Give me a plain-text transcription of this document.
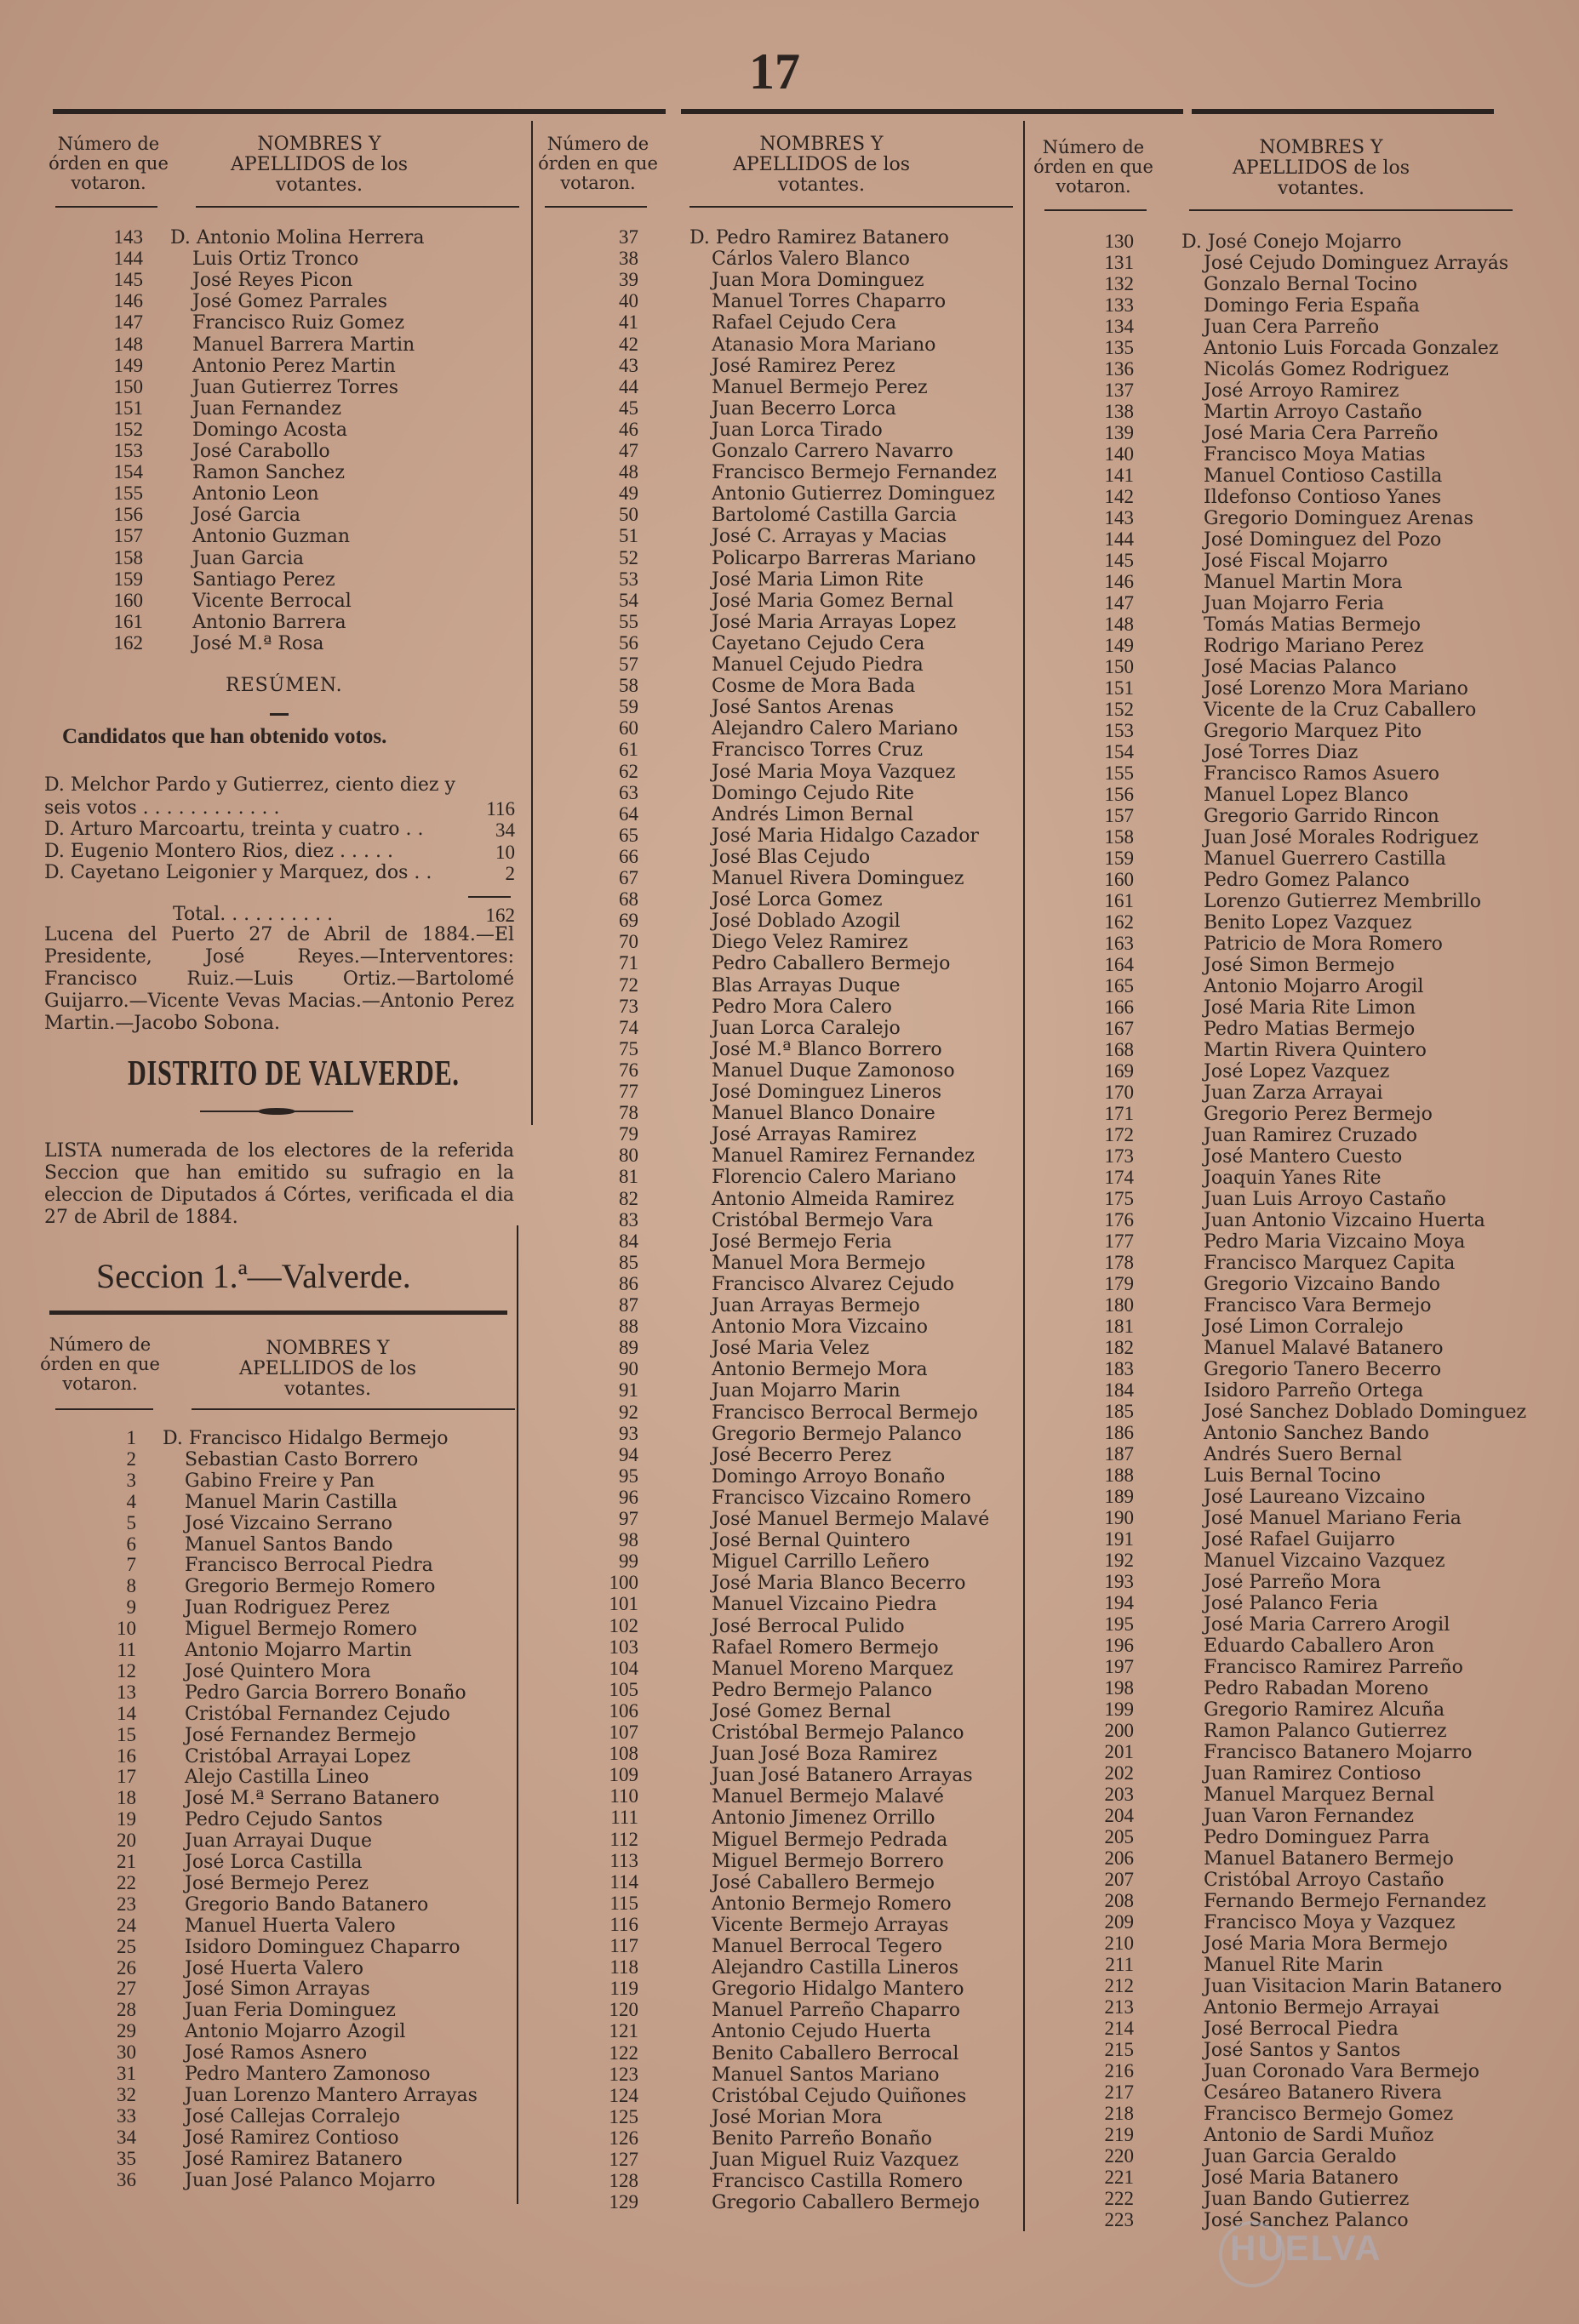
17
Número de órden en que votaron.
NOMBRES Y APELLIDOS de los votantes.
Número de órden en que votaron.
NOMBRES Y APELLIDOS de los votantes.
Número de órden en que votaron.
NOMBRES Y APELLIDOS de los votantes.
143 D. Antonio Molina Herrera
144	Luis Ortiz Tronco
145	José Reyes Picon
146	José Gomez Parrales
147	Francisco Ruiz Gomez
148	Manuel Barrera Martin
149	Antonio Perez Martin
150	Juan Gutierrez Torres
151	Juan Fernandez
152	Domingo Acosta
153	José Carabollo
154	Ramon Sanchez
155	Antonio Leon
156	José Garcia
157	Antonio Guzman
158	Juan Garcia
159	Santiago Perez
160	Vicente Berrocal
161	Antonio Barrera
162	José M.ª Rosa
1 D. Francisco Hidalgo Bermejo
2	Sebastian Casto Borrero
3	Gabino Freire y Pan
4	Manuel Marin Castilla
5	José Vizcaino Serrano
6	Manuel Santos Bando
7	Francisco Berrocal Piedra
8	Gregorio Bermejo Romero
9	Juan Rodriguez Perez
10	Miguel Bermejo Romero
11	Antonio Mojarro Martin
12	José Quintero Mora
13	Pedro Garcia Borrero Bonaño
14	Cristóbal Fernandez Cejudo
15	José Fernandez Bermejo
16	Cristóbal Arrayai Lopez
17	Alejo Castilla Lineo
18	José M.ª Serrano Batanero
19	Pedro Cejudo Santos
20	Juan Arrayai Duque
21	José Lorca Castilla
22	José Bermejo Perez
23	Gregorio Bando Batanero
24	Manuel Huerta Valero
25	Isidoro Dominguez Chaparro
26	José Huerta Valero
27	José Simon Arrayas
28	Juan Feria Dominguez
29	Antonio Mojarro Azogil
30	José Ramos Asnero
31	Pedro Mantero Zamonoso
32	Juan Lorenzo Mantero Arrayas
33	José Callejas Corralejo
34	José Ramirez Contioso
35	José Ramirez Batanero
36	Juan José Palanco Mojarro
37	D. Pedro Ramirez Batanero
38	Cárlos Valero Blanco
39	Juan Mora Dominguez
40	Manuel Torres Chaparro
41	Rafael Cejudo Cera
42	Atanasio Mora Mariano
43	José Ramirez Perez
44	Manuel Bermejo Perez
45	Juan Becerro Lorca
46	Juan Lorca Tirado
47	Gonzalo Carrero Navarro
48	Francisco Bermejo Fernandez
49	Antonio Gutierrez Dominguez
50	Bartolomé Castilla Garcia
51	José C. Arrayas y Macias
52	Policarpo Barreras Mariano
53	José Maria Limon Rite
54	José Maria Gomez Bernal
55	José Maria Arrayas Lopez
56	Cayetano Cejudo Cera
57	Manuel Cejudo Piedra
58	Cosme de Mora Bada
59	José Santos Arenas
60	Alejandro Calero Mariano
61	Francisco Torres Cruz
62	José Maria Moya Vazquez
63	Domingo Cejudo Rite
64	Andrés Limon Bernal
65	José Maria Hidalgo Cazador
66	José Blas Cejudo
67	Manuel Rivera Dominguez
68	José Lorca Gomez
69	José Doblado Azogil
70	Diego Velez Ramirez
71	Pedro Caballero Bermejo
72	Blas Arrayas Duque
73	Pedro Mora Calero
74	Juan Lorca Caralejo
75	José M.ª Blanco Borrero
76	Manuel Duque Zamonoso
77	José Dominguez Lineros
78	Manuel Blanco Donaire
79	José Arrayas Ramirez
80	Manuel Ramirez Fernandez
81	Florencio Calero Mariano
82	Antonio Almeida Ramirez
83	Cristóbal Bermejo Vara
84	José Bermejo Feria
85	Manuel Mora Bermejo
86	Francisco Alvarez Cejudo
87	Juan Arrayas Bermejo
88	Antonio Mora Vizcaino
89	José Maria Velez
90	Antonio Bermejo Mora
91	Juan Mojarro Marin
92	Francisco Berrocal Bermejo
93	Gregorio Bermejo Palanco
94	José Becerro Perez
95	Domingo Arroyo Bonaño
96	Francisco Vizcaino Romero
97	José Manuel Bermejo Malavé
98	José Bernal Quintero
99	Miguel Carrillo Leñero
100	José Maria Blanco Becerro
101	Manuel Vizcaino Piedra
102	José Berrocal Pulido
103	Rafael Romero Bermejo
104	Manuel Moreno Marquez
105	Pedro Bermejo Palanco
106	José Gomez Bernal
107	Cristóbal Bermejo Palanco
108	Juan José Boza Ramirez
109	Juan José Batanero Arrayas
110	Manuel Bermejo Malavé
111	Antonio Jimenez Orrillo
112	Miguel Bermejo Pedrada
113	Miguel Bermejo Borrero
114	José Caballero Bermejo
115	Antonio Bermejo Romero
116	Vicente Bermejo Arrayas
117	Manuel Berrocal Tegero
118	Alejandro Castilla Lineros
119	Gregorio Hidalgo Mantero
120	Manuel Parreño Chaparro
121	Antonio Cejudo Huerta
122	Benito Caballero Berrocal
123	Manuel Santos Mariano
124	Cristóbal Cejudo Quiñones
125	José Morian Mora
126	Benito Parreño Bonaño
127	Juan Miguel Ruiz Vazquez
128	Francisco Castilla Romero
129	Gregorio Caballero Bermejo
130	D. José Conejo Mojarro
131	José Cejudo Dominguez Arrayás
132	Gonzalo Bernal Tocino
133	Domingo Feria España
134	Juan Cera Parreño
135	Antonio Luis Forcada Gonzalez
136	Nicolás Gomez Rodriguez
137	José Arroyo Ramirez
138	Martin Arroyo Castaño
139	José Maria Cera Parreño
140	Francisco Moya Matias
141	Manuel Contioso Castilla
142	Ildefonso Contioso Yanes
143	Gregorio Dominguez Arenas
144	José Dominguez del Pozo
145	José Fiscal Mojarro
146	Manuel Martin Mora
147	Juan Mojarro Feria
148	Tomás Matias Bermejo
149	Rodrigo Mariano Perez
150	José Macias Palanco
151	José Lorenzo Mora Mariano
152	Vicente de la Cruz Caballero
153	Gregorio Marquez Pito
154	José Torres Diaz
155	Francisco Ramos Asuero
156	Manuel Lopez Blanco
157	Gregorio Garrido Rincon
158	Juan José Morales Rodriguez
159	Manuel Guerrero Castilla
160	Pedro Gomez Palanco
161	Lorenzo Gutierrez Membrillo
162	Benito Lopez Vazquez
163	Patricio de Mora Romero
164	José Simon Bermejo
165	Antonio Mojarro Arogil
166	José Maria Rite Limon
167	Pedro Matias Bermejo
168	Martin Rivera Quintero
169	José Lopez Vazquez
170	Juan Zarza Arrayai
171	Gregorio Perez Bermejo
172	Juan Ramirez Cruzado
173	José Mantero Cuesto
174	Joaquin Yanes Rite
175	Juan Luis Arroyo Castaño
176	Juan Antonio Vizcaino Huerta
177	Pedro Maria Vizcaino Moya
178	Francisco Marquez Capita
179	Gregorio Vizcaino Bando
180	Francisco Vara Bermejo
181	José Limon Corralejo
182	Manuel Malavé Batanero
183	Gregorio Tanero Becerro
184	Isidoro Parreño Ortega
185	José Sanchez Doblado Dominguez
186	Antonio Sanchez Bando
187	Andrés Suero Bernal
188	Luis Bernal Tocino
189	José Laureano Vizcaino
190	José Manuel Mariano Feria
191	José Rafael Guijarro
192	Manuel Vizcaino Vazquez
193	José Parreño Mora
194	José Palanco Feria
195	José Maria Carrero Arogil
196	Eduardo Caballero Aron
197	Francisco Ramirez Parreño
198	Pedro Rabadan Moreno
199	Gregorio Ramirez Alcuña
200	Ramon Palanco Gutierrez
201	Francisco Batanero Mojarro
202	Juan Ramirez Contioso
203	Manuel Marquez Bernal
204	Juan Varon Fernandez
205	Pedro Dominguez Parra
206	Manuel Batanero Bermejo
207	Cristóbal Arroyo Castaño
208	Fernando Bermejo Fernandez
209	Francisco Moya y Vazquez
210	José Maria Mora Bermejo
211	Manuel Rite Marin
212	Juan Visitacion Marin Batanero
213	Antonio Bermejo Arrayai
214	José Berrocal Piedra
215	José Santos y Santos
216	Juan Coronado Vara Bermejo
217	Cesáreo Batanero Rivera
218	Francisco Bermejo Gomez
219	Antonio de Sardi Muñoz
220	Juan Garcia Geraldo
221	José Maria Batanero
222	Juan Bando Gutierrez
223	José Sanchez Palanco
RESÚMEN.
Candidatos que han obtenido votos.
D. Melchor Pardo y Gutierrez, ciento diez y
seis votos . . . . . . . . . . . .	116
D. Arturo Marcoartu, treinta y cuatro . .	34
D. Eugenio Montero Rios, diez . . . . .	10
D. Cayetano Leigonier y Marquez, dos . .	2
Total. . . . . . . . . .	162
Lucena del Puerto 27 de Abril de 1884.—El Presidente, José Reyes.—Interventores: Francisco Ruiz.—Luis Ortiz.—Bartolomé Guijarro.—Vicente Vevas Macias.—Antonio Perez Martin.—Jacobo Sobona.
DISTRITO DE VALVERDE.
LISTA numerada de los electores de la referida Seccion que han emitido su sufragio en la eleccion de Diputados á Córtes, verificada el dia 27 de Abril de 1884.
Seccion 1.ª—Valverde.
Número de órden en que votaron.
NOMBRES Y APELLIDOS de los votantes.
HUELVA
